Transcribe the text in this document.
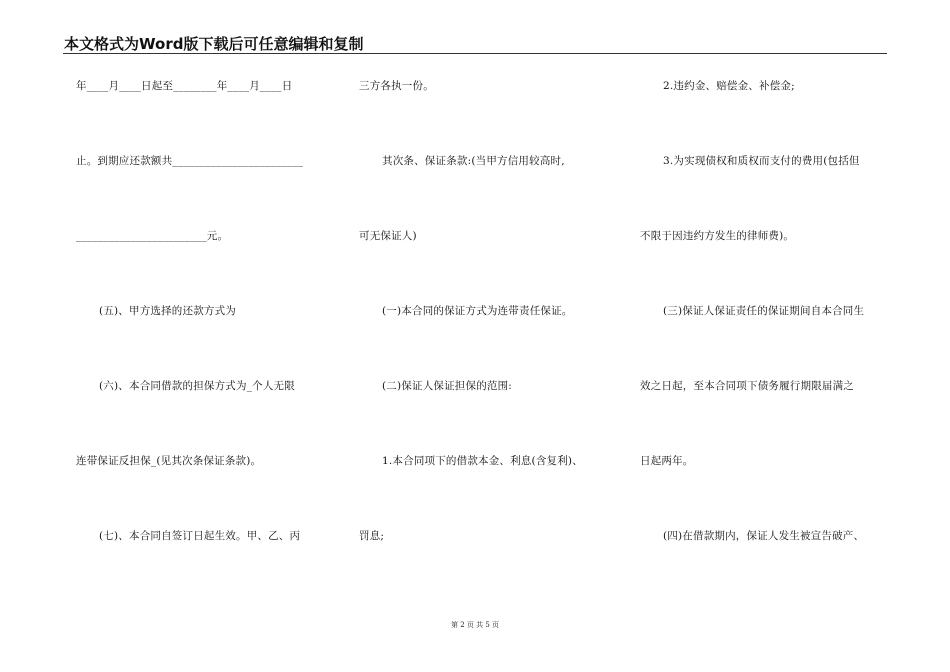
本文格式为Word版下载后可任意编辑和复制
年____月____日起至________年____月____日
止。到期应还款额共________________________
________________________元。
(五)、甲方选择的还款方式为
(六)、本合同借款的担保方式为_个人无限
连带保证反担保_(见其次条保证条款)。
(七)、本合同自签订日起生效。甲、乙、丙
三方各执一份。
其次条、保证条款:(当甲方信用较高时,
可无保证人)
(一)本合同的保证方式为连带责任保证。
(二)保证人保证担保的范围:
1.本合同项下的借款本金、利息(含复利)、
罚息;
2.违约金、赔偿金、补偿金;
3.为实现债权和质权而支付的费用(包括但
不限于因违约方发生的律师费)。
(三)保证人保证责任的保证期间自本合同生
效之日起，至本合同项下债务履行期限届满之
日起两年。
(四)在借款期内，保证人发生被宣告破产、
第 2 页 共 5 页
